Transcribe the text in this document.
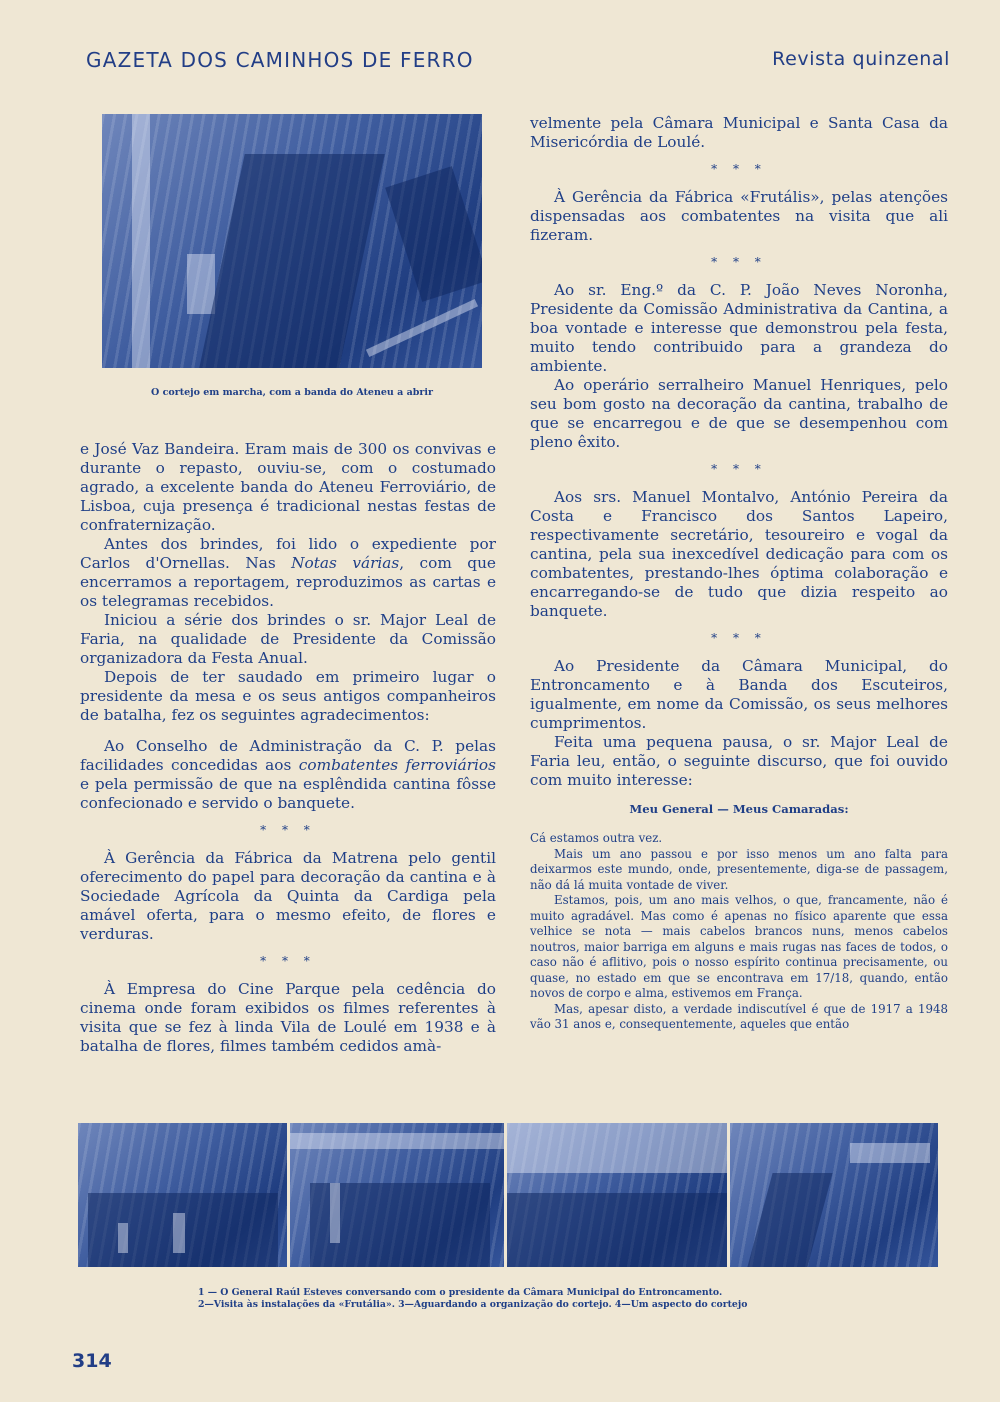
GAZETA DOS CAMINHOS DE FERRO	Revista quinzenal
O cortejo em marcha, com a banda do Ateneu a abrir

e José Vaz Bandeira. Eram mais de 300 os convivas e durante o repasto, ouviu-se, com o costumado agrado, a excelente banda do Ateneu Ferroviário, de Lisboa, cuja presença é tradicional nestas festas de confraternização.

Antes dos brindes, foi lido o expediente por Carlos d'Ornellas. Nas Notas várias, com que encerramos a reportagem, reproduzimos as cartas e os telegramas recebidos.

Iniciou a série dos brindes o sr. Major Leal de Faria, na qualidade de Presidente da Comissão organizadora da Festa Anual.

Depois de ter saudado em primeiro lugar o presidente da mesa e os seus antigos companheiros de batalha, fez os seguintes agradecimentos:

Ao Conselho de Administração da C. P. pelas facilidades concedidas aos combatentes ferroviários e pela permissão de que na esplêndida cantina fôsse confecionado e servido o banquete.

* * *

À Gerência da Fábrica da Matrena pelo gentil oferecimento do papel para decoração da cantina e à Sociedade Agrícola da Quinta da Cardiga pela amável oferta, para o mesmo efeito, de flores e verduras.

* * *

À Empresa do Cine Parque pela cedência do cinema onde foram exibidos os filmes referentes à visita que se fez à linda Vila de Loulé em 1938 e à batalha de flores, filmes também cedidos amà-

velmente pela Câmara Municipal e Santa Casa da Misericórdia de Loulé.

* * *

À Gerência da Fábrica «Frutális», pelas atenções dispensadas aos combatentes na visita que ali fizeram.

* * *

Ao sr. Eng.º da C. P. João Neves Noronha, Presidente da Comissão Administrativa da Cantina, a boa vontade e interesse que demonstrou pela festa, muito tendo contribuido para a grandeza do ambiente.

Ao operário serralheiro Manuel Henriques, pelo seu bom gosto na decoração da cantina, trabalho de que se encarregou e de que se desempenhou com pleno êxito.

* * *

Aos srs. Manuel Montalvo, António Pereira da Costa e Francisco dos Santos Lapeiro, respectivamente secretário, tesoureiro e vogal da cantina, pela sua inexcedível dedicação para com os combatentes, prestando-lhes óptima colaboração e encarregando-se de tudo que dizia respeito ao banquete.

* * *

Ao Presidente da Câmara Municipal, do Entroncamento e à Banda dos Escuteiros, igualmente, em nome da Comissão, os seus melhores cumprimentos.

Feita uma pequena pausa, o sr. Major Leal de Faria leu, então, o seguinte discurso, que foi ouvido com muito interesse:

Meu General — Meus Camaradas:

Cá estamos outra vez.

Mais um ano passou e por isso menos um ano falta para deixarmos este mundo, onde, presentemente, diga-se de passagem, não dá lá muita vontade de viver.

Estamos, pois, um ano mais velhos, o que, francamente, não é muito agradável. Mas como é apenas no físico aparente que essa velhice se nota — mais cabelos brancos nuns, menos cabelos noutros, maior barriga em alguns e mais rugas nas faces de todos, o caso não é aflitivo, pois o nosso espírito continua precisamente, ou quase, no estado em que se encontrava em 17/18, quando, então novos de corpo e alma, estivemos em França.

Mas, apesar disto, a verdade indiscutível é que de 1917 a 1948 vão 31 anos e, consequentemente, aqueles que então

1 — O General Raúl Esteves conversando com o presidente da Câmara Municipal do Entroncamento.
2—Visita às instalações da «Frutália». 3—Aguardando a organização do cortejo. 4—Um aspecto do cortejo
314
